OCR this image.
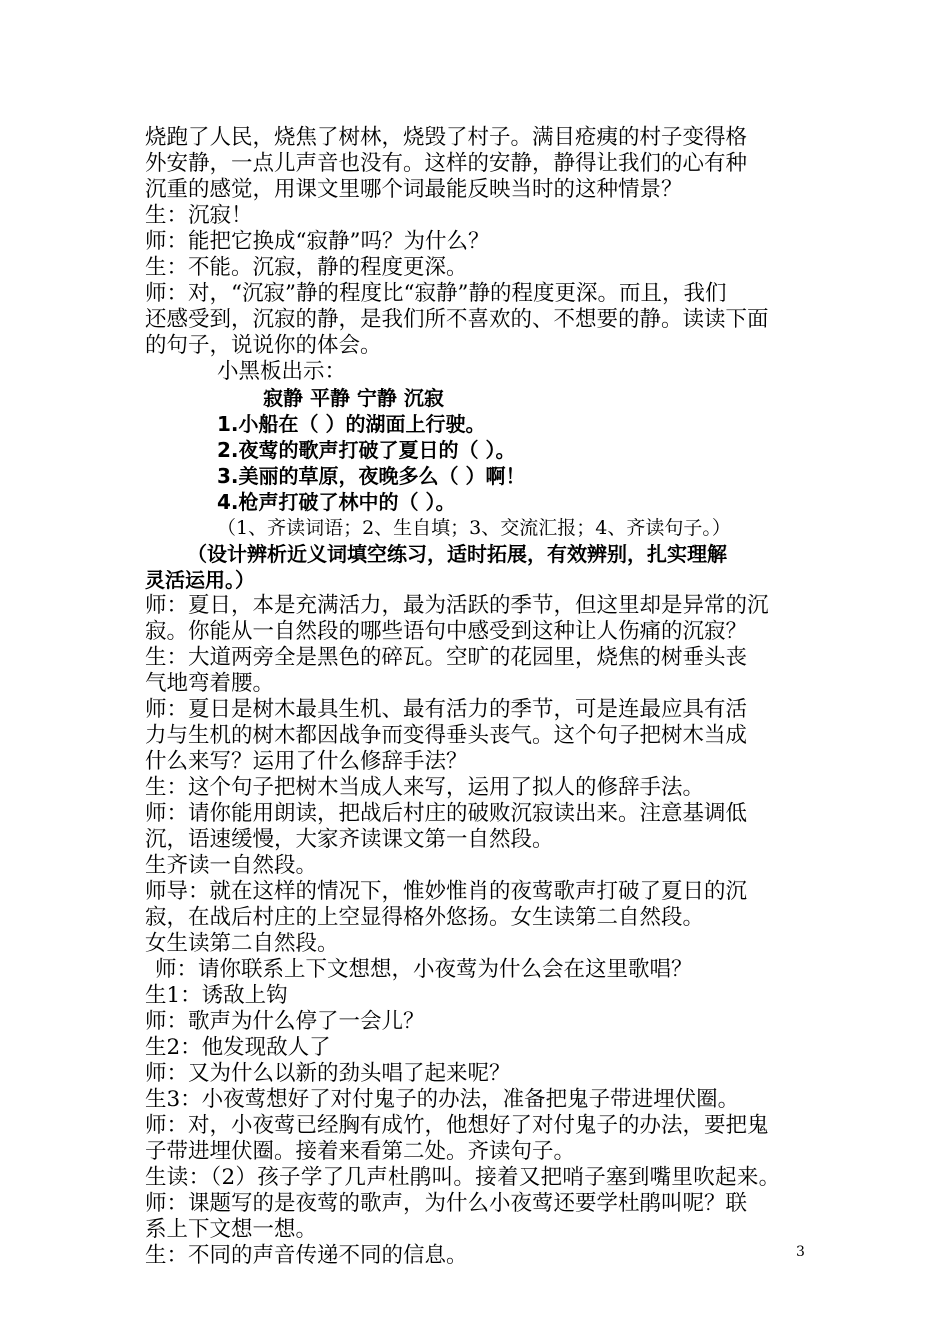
烧跑了人民，烧焦了树林，烧毁了村子。满目疮痍的村子变得格

外安静，一点儿声音也没有。这样的安静，静得让我们的心有种

沉重的感觉，用课文里哪个词最能反映当时的这种情景？

生：沉寂！

师：能把它换成“寂静”吗？为什么？

生：不能。沉寂，静的程度更深。

师：对，“沉寂”静的程度比“寂静”静的程度更深。而且，我们

还感受到，沉寂的静，是我们所不喜欢的、不想要的静。读读下面

的句子，说说你的体会。

小黑板出示：

寂静 平静 宁静 沉寂

1.小船在（ ）的湖面上行驶。

2.夜莺的歌声打破了夏日的（ ）。

3.美丽的草原，夜晚多么（ ）啊！

4.枪声打破了林中的（ ）。

（1、齐读词语；2、生自填；3、交流汇报；4、齐读句子。）

（设计辨析近义词填空练习，适时拓展，有效辨别，扎实理解

灵活运用。）

师：夏日，本是充满活力，最为活跃的季节，但这里却是异常的沉

寂。你能从一自然段的哪些语句中感受到这种让人伤痛的沉寂？

生：大道两旁全是黑色的碎瓦。空旷的花园里，烧焦的树垂头丧

气地弯着腰。

师：夏日是树木最具生机、最有活力的季节，可是连最应具有活

力与生机的树木都因战争而变得垂头丧气。这个句子把树木当成

什么来写？运用了什么修辞手法？

生：这个句子把树木当成人来写，运用了拟人的修辞手法。

师：请你能用朗读，把战后村庄的破败沉寂读出来。注意基调低

沉，语速缓慢，大家齐读课文第一自然段。

生齐读一自然段。

师导：就在这样的情况下，惟妙惟肖的夜莺歌声打破了夏日的沉

寂，在战后村庄的上空显得格外悠扬。女生读第二自然段。

女生读第二自然段。

师：请你联系上下文想想，小夜莺为什么会在这里歌唱？

生1：诱敌上钩

师：歌声为什么停了一会儿？

生2：他发现敌人了

师：又为什么以新的劲头唱了起来呢？

生3：小夜莺想好了对付鬼子的办法，准备把鬼子带进埋伏圈。

师：对，小夜莺已经胸有成竹，他想好了对付鬼子的办法，要把鬼

子带进埋伏圈。接着来看第二处。齐读句子。

生读：（2）孩子学了几声杜鹃叫。接着又把哨子塞到嘴里吹起来。

师：课题写的是夜莺的歌声，为什么小夜莺还要学杜鹃叫呢？联

系上下文想一想。

生：不同的声音传递不同的信息。	3
